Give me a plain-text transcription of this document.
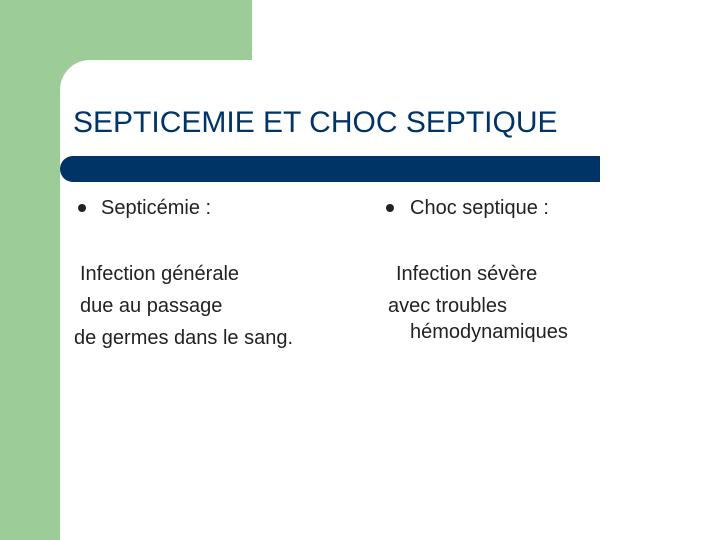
SEPTICEMIE ET CHOC SEPTIQUE
Septicémie :
Infection générale
due au passage
de germes dans le sang.
Choc septique :
Infection sévère
avec troubles
hémodynamiques
